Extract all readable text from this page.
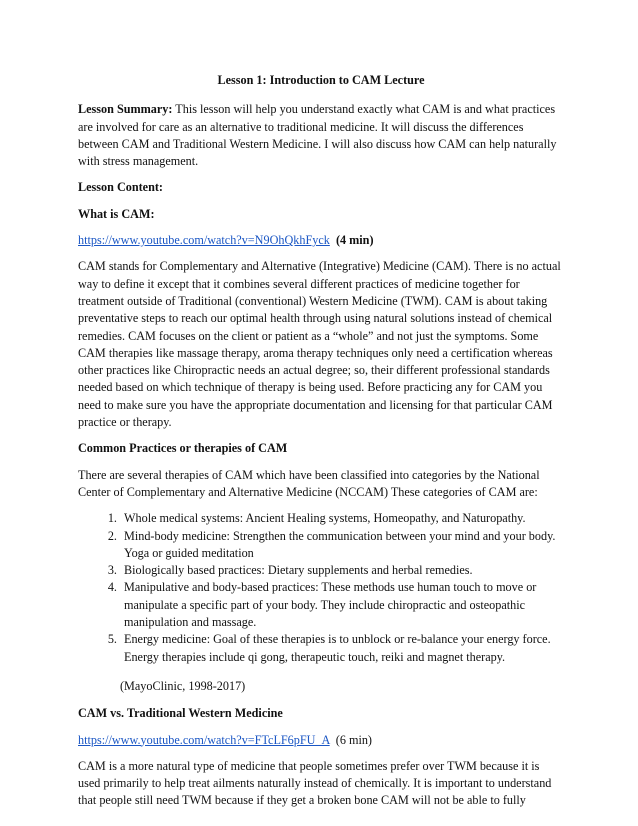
Lesson 1: Introduction to CAM Lecture

Lesson Summary: This lesson will help you understand exactly what CAM is and what practices are involved for care as an alternative to traditional medicine. It will discuss the differences between CAM and Traditional Western Medicine. I will also discuss how CAM can help naturally with stress management.

Lesson Content:
What is CAM:

https://www.youtube.com/watch?v=N9OhQkhFyck (4 min)

CAM stands for Complementary and Alternative (Integrative) Medicine (CAM). There is no actual way to define it except that it combines several different practices of medicine together for treatment outside of Traditional (conventional) Western Medicine (TWM). CAM is about taking preventative steps to reach our optimal health through using natural solutions instead of chemical remedies. CAM focuses on the client or patient as a “whole” and not just the symptoms. Some CAM therapies like massage therapy, aroma therapy techniques only need a certification whereas other practices like Chiropractic needs an actual degree; so, their different professional standards needed based on which technique of therapy is being used. Before practicing any for CAM you need to make sure you have the appropriate documentation and licensing for that particular CAM practice or therapy.

Common Practices or therapies of CAM

There are several therapies of CAM which have been classified into categories by the National Center of Complementary and Alternative Medicine (NCCAM) These categories of CAM are:

1. Whole medical systems: Ancient Healing systems, Homeopathy, and Naturopathy.
2. Mind-body medicine: Strengthen the communication between your mind and your body. Yoga or guided meditation
3. Biologically based practices: Dietary supplements and herbal remedies.
4. Manipulative and body-based practices: These methods use human touch to move or manipulate a specific part of your body. They include chiropractic and osteopathic manipulation and massage.
5. Energy medicine: Goal of these therapies is to unblock or re-balance your energy force. Energy therapies include qi gong, therapeutic touch, reiki and magnet therapy.
(MayoClinic, 1998-2017)
CAM vs. Traditional Western Medicine

https://www.youtube.com/watch?v=FTcLF6pFU_A (6 min)

CAM is a more natural type of medicine that people sometimes prefer over TWM because it is used primarily to help treat ailments naturally instead of chemically. It is important to understand that people still need TWM because if they get a broken bone CAM will not be able to fully
